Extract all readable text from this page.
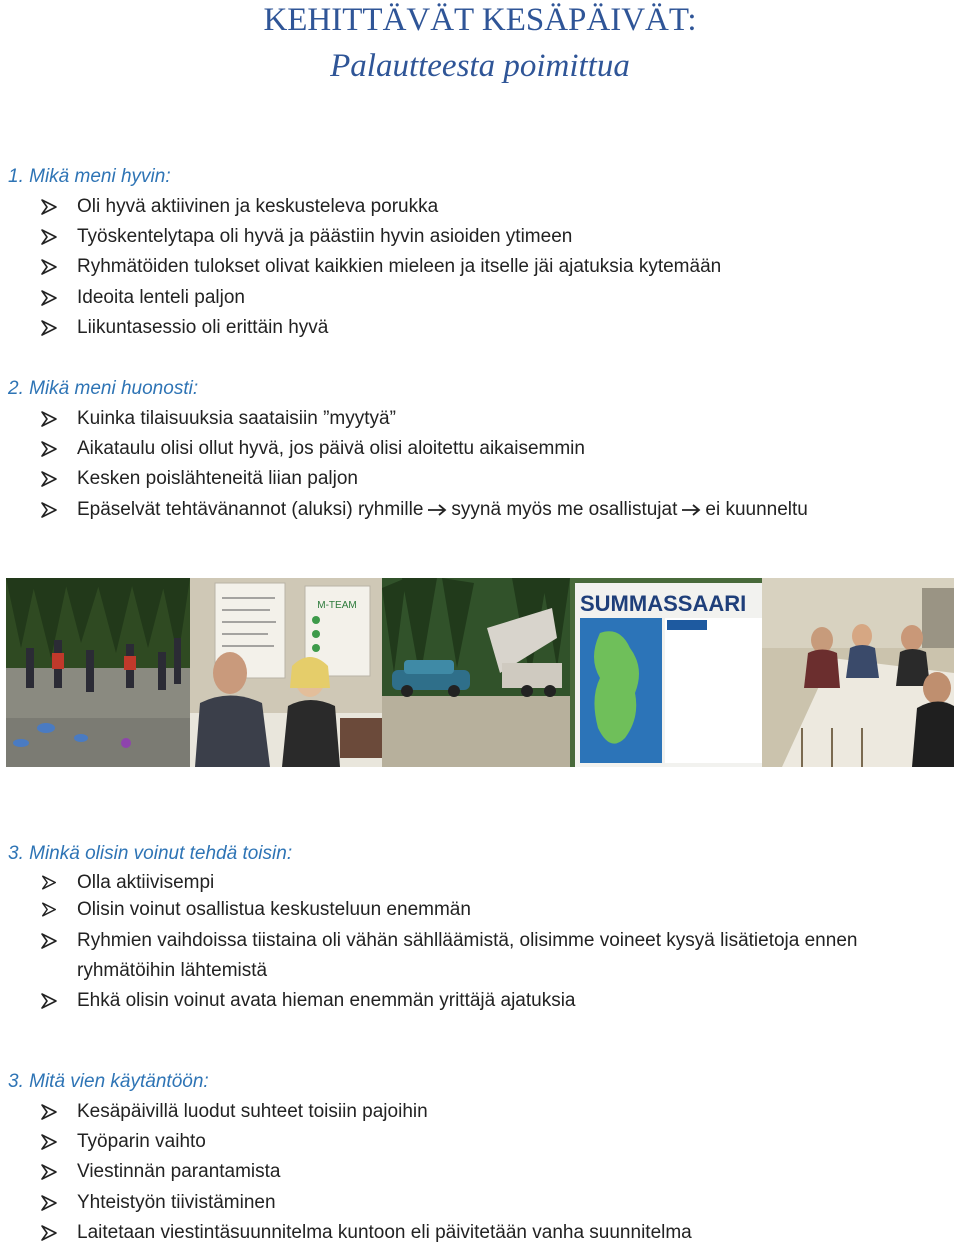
KEHITTÄVÄT KESÄPÄIVÄT:
Palautteesta poimittua
1. Mikä meni hyvin:
Oli hyvä aktiivinen ja keskusteleva porukka
Työskentelytapa oli hyvä ja päästiin hyvin asioiden ytimeen
Ryhmätöiden tulokset olivat kaikkien mieleen ja itselle jäi ajatuksia kytemään
Ideoita lenteli paljon
Liikuntasessio oli erittäin hyvä
2. Mikä meni huonosti:
Kuinka tilaisuuksia saataisiin ”myytyä”
Aikataulu olisi ollut hyvä, jos päivä olisi aloitettu aikaisemmin
Kesken poislähteneitä liian paljon
Epäselvät tehtävänannot (aluksi) ryhmille syynä myös me osallistujat ei kuunneltu
M-TEAM	SUMMASSAARI
3. Minkä olisin voinut tehdä toisin:
Olla aktiivisempi
Olisin voinut osallistua keskusteluun enemmän
Ryhmien vaihdoissa tiistaina oli vähän sählläämistä, olisimme voineet kysyä lisätietoja ennen
ryhmätöihin lähtemistä
Ehkä olisin voinut avata hieman enemmän yrittäjä ajatuksia
3. Mitä vien käytäntöön:
Kesäpäivillä luodut suhteet toisiin pajoihin
Työparin vaihto
Viestinnän parantamista
Yhteistyön tiivistäminen
Laitetaan viestintäsuunnitelma kuntoon eli päivitetään vanha suunnitelma
